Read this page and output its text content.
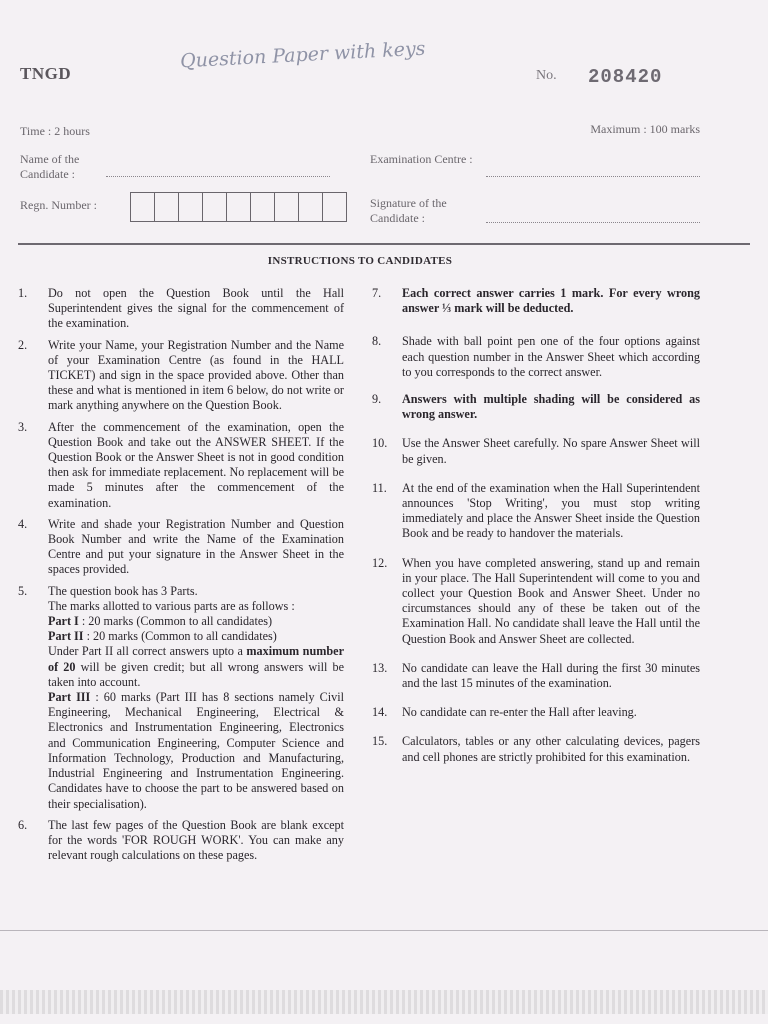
TNGD
Question Paper with keys
No. 208420
Time : 2 hours	Maximum : 100 marks
Name of the Candidate :
Examination Centre :
Regn. Number :	Signature of the Candidate :
INSTRUCTIONS TO CANDIDATES
1.	Do not open the Question Book until the Hall Superintendent gives the signal for the commencement of the examination.
2.	Write your Name, your Registration Number and the Name of your Examination Centre (as found in the HALL TICKET) and sign in the space provided above. Other than these and what is mentioned in item 6 below, do not write or mark anything anywhere on the Question Book.
3.	After the commencement of the examination, open the Question Book and take out the ANSWER SHEET. If the Question Book or the Answer Sheet is not in good condition then ask for immediate replacement. No replacement will be made 5 minutes after the commencement of the examination.
4.	Write and shade your Registration Number and Question Book Number and write the Name of the Examination Centre and put your signature in the Answer Sheet in the spaces provided.
5.	The question book has 3 Parts.
The marks allotted to various parts are as follows :
Part I : 20 marks (Common to all candidates)
Part II : 20 marks (Common to all candidates)
Under Part II all correct answers upto a maximum number of 20 will be given credit; but all wrong answers will be taken into account.
Part III : 60 marks (Part III has 8 sections namely Civil Engineering, Mechanical Engineering, Electrical & Electronics and Instrumentation Engineering, Electronics and Communication Engineering, Computer Science and Information Technology, Production and Manufacturing, Industrial Engineering and Instrumentation Engineering. Candidates have to choose the part to be answered based on their specialisation).
6.	The last few pages of the Question Book are blank except for the words 'FOR ROUGH WORK'. You can make any relevant rough calculations on these pages.
7.	Each correct answer carries 1 mark. For every wrong answer ⅓ mark will be deducted.
8.	Shade with ball point pen one of the four options against each question number in the Answer Sheet which according to you corresponds to the correct answer.
9.	Answers with multiple shading will be considered as wrong answer.
10.	Use the Answer Sheet carefully. No spare Answer Sheet will be given.
11.	At the end of the examination when the Hall Superintendent announces 'Stop Writing', you must stop writing immediately and place the Answer Sheet inside the Question Book and be ready to handover the materials.
12.	When you have completed answering, stand up and remain in your place. The Hall Superintendent will come to you and collect your Question Book and Answer Sheet. Under no circumstances should any of these be taken out of the Examination Hall. No candidate shall leave the Hall until the Question Book and Answer Sheet are collected.
13.	No candidate can leave the Hall during the first 30 minutes and the last 15 minutes of the examination.
14.	No candidate can re-enter the Hall after leaving.
15.	Calculators, tables or any other calculating devices, pagers and cell phones are strictly prohibited for this examination.
